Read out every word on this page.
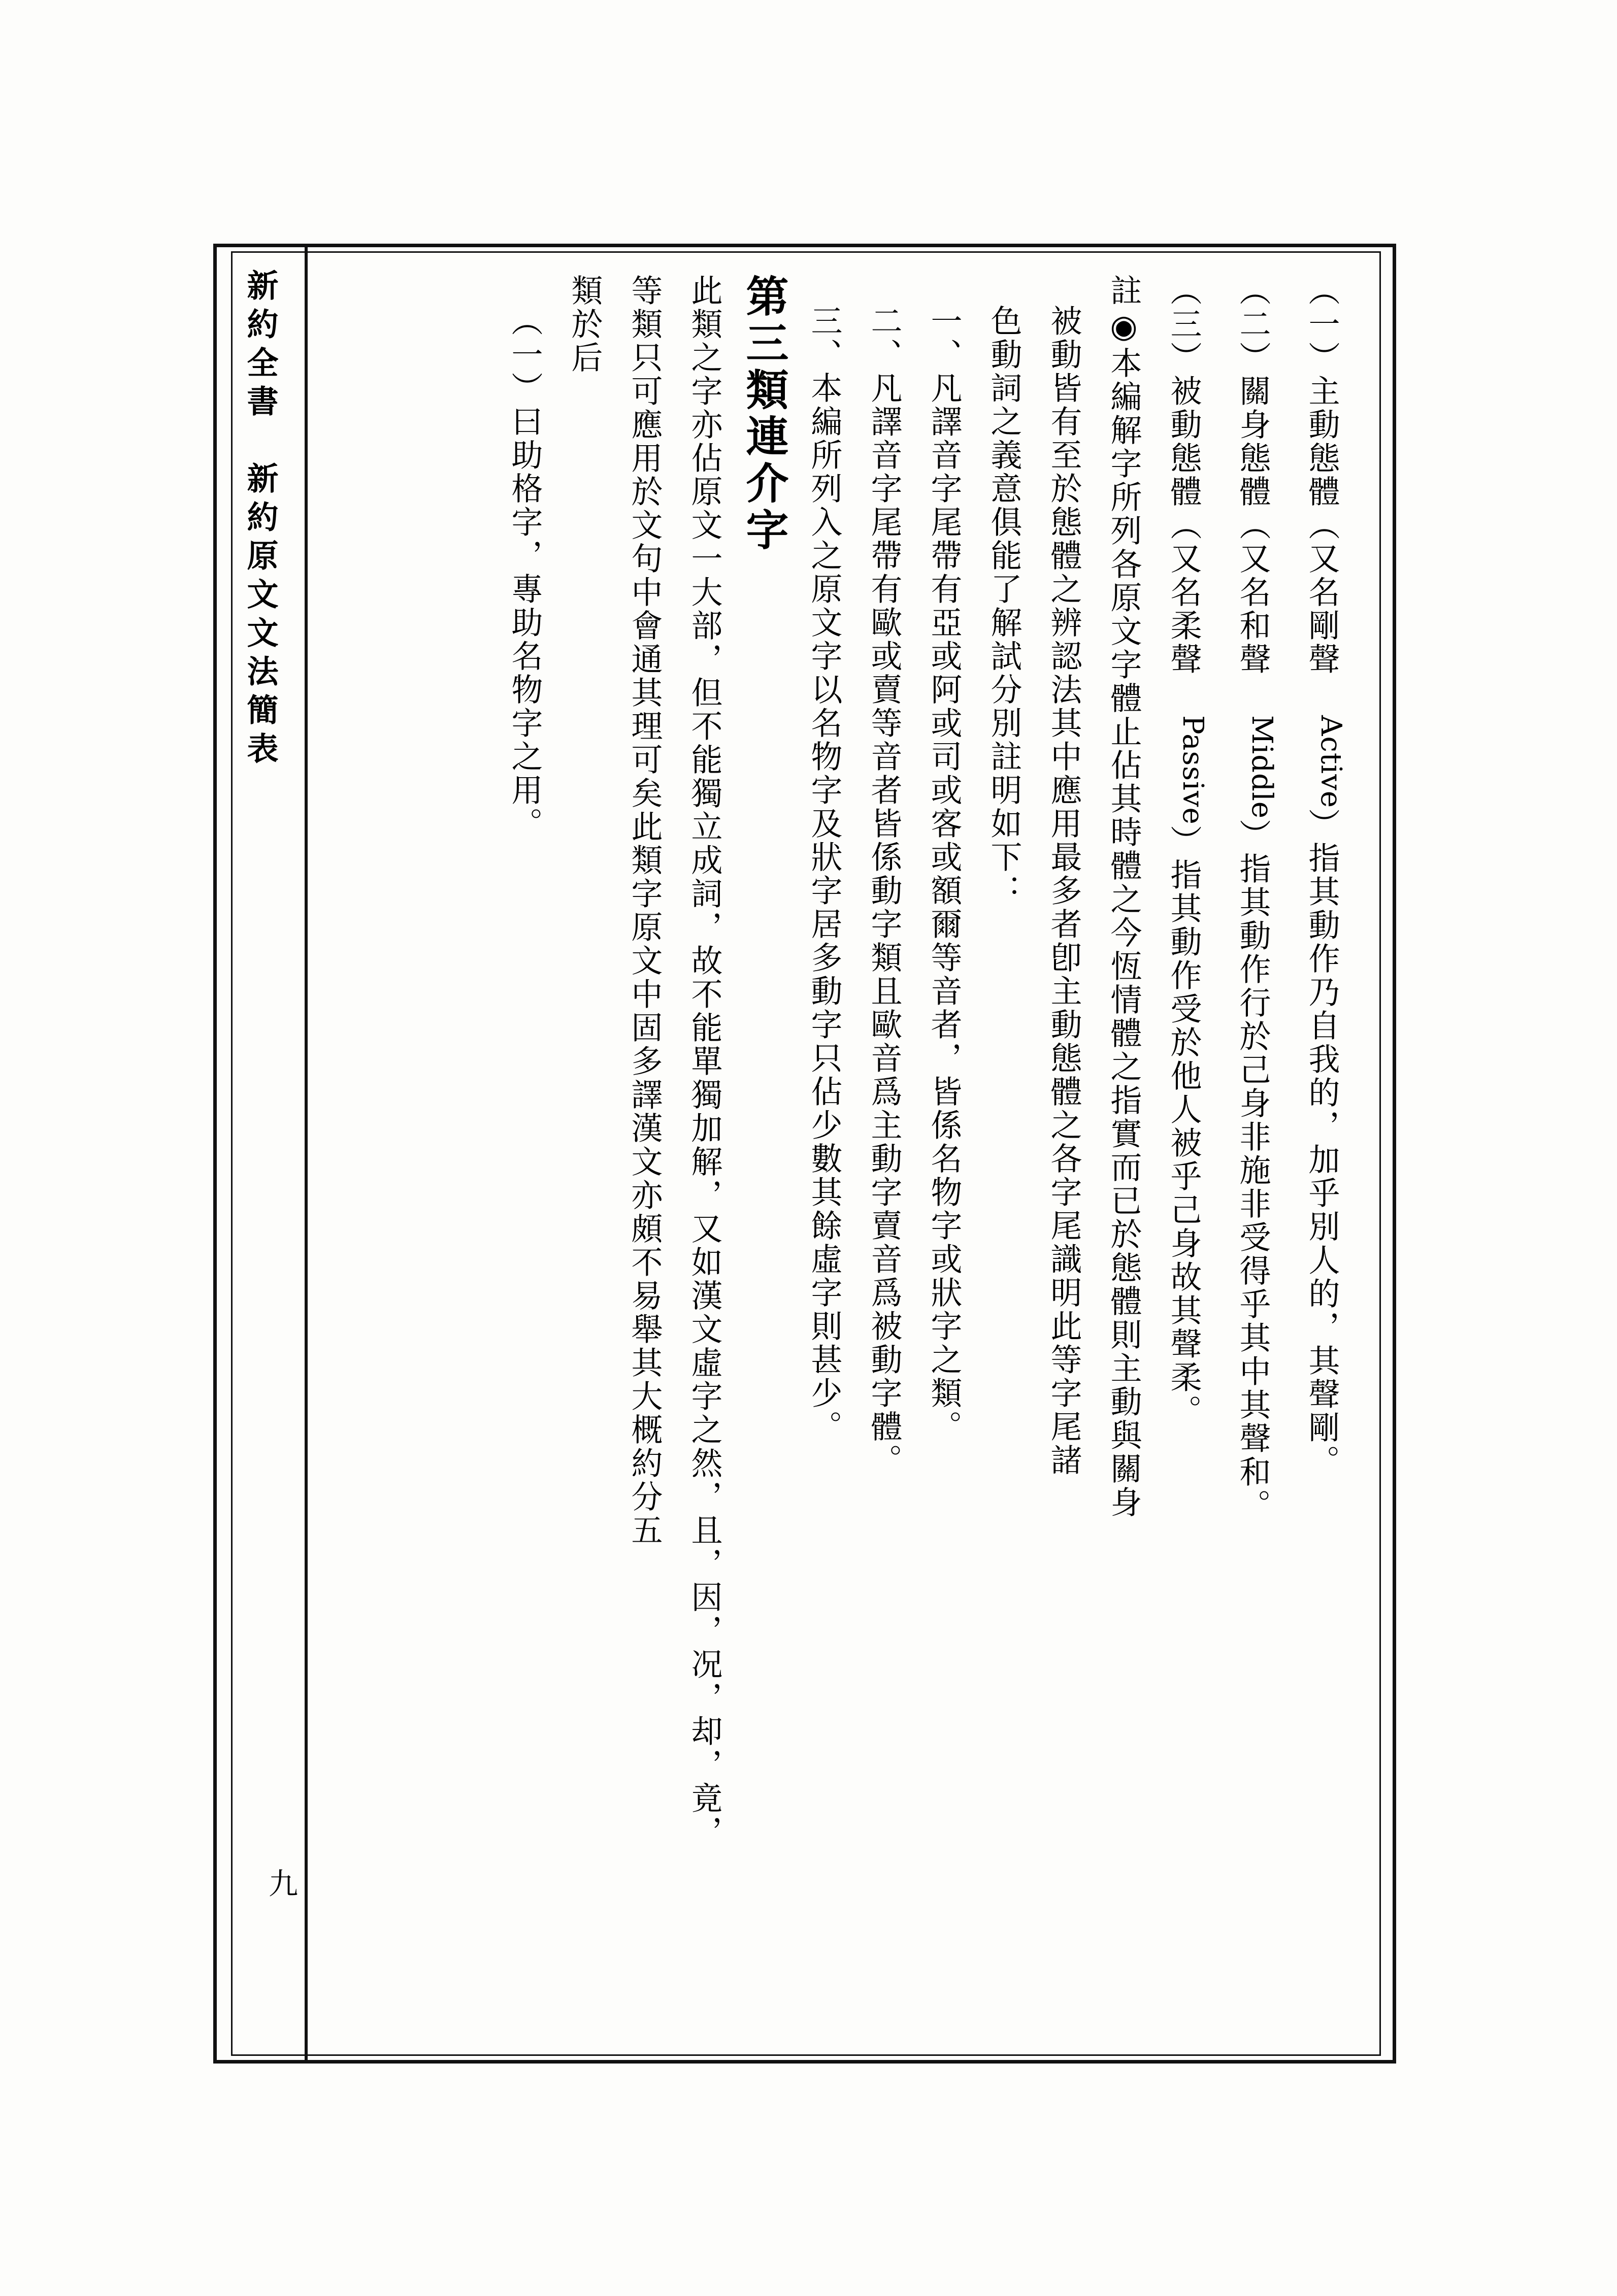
新約全書　新約原文文法簡表
九
（一）主動態體（又名剛聲 Active）指其動作乃自我的，加乎別人的，其聲剛。
（二）關身態體（又名和聲 Middle）指其動作行於己身非施非受得乎其中其聲和。
（三）被動態體（又名柔聲 Passive）指其動作受於他人被乎己身故其聲柔。
註◉本編解字所列各原文字體止佔其時體之今恆情體之指實而已於態體則主動與關身
被動皆有至於態體之辨認法其中應用最多者卽主動態體之各字尾識明此等字尾諸
色動詞之義意俱能了解試分別註明如下：
一、凡譯音字尾帶有亞或阿或司或客或額爾等音者，皆係名物字或狀字之類。
二、凡譯音字尾帶有歐或賣等音者皆係動字類且歐音爲主動字賣音爲被動字體。
三、本編所列入之原文字以名物字及狀字居多動字只佔少數其餘虛字則甚少。
第三類連介字
此類之字亦佔原文一大部，但不能獨立成詞，故不能單獨加解，又如漢文虛字之然，且，因，况，却，竟，
等類只可應用於文句中會通其理可矣此類字原文中固多譯漢文亦頗不易舉其大概約分五
類於后
（一）曰助格字，專助名物字之用。
